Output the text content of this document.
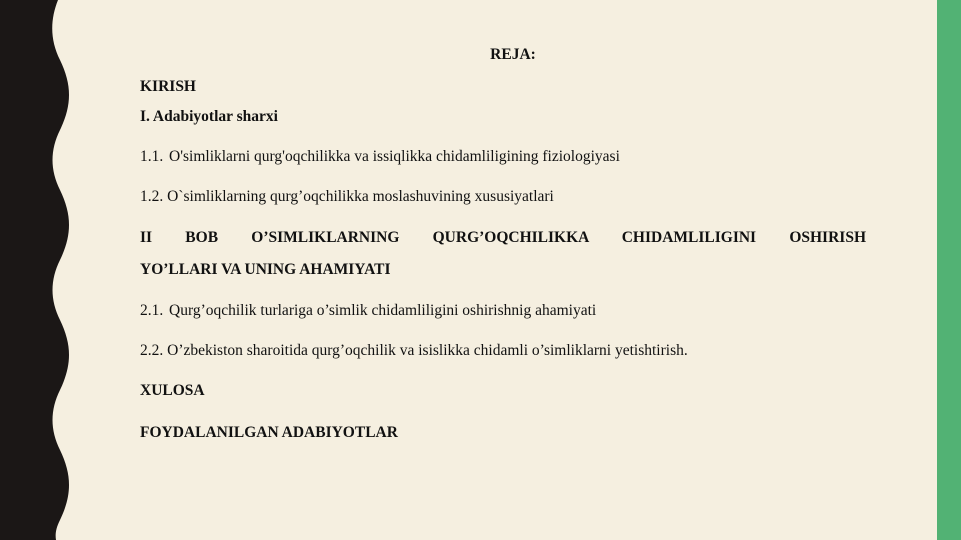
REJA:
KIRISH
I. Adabiyotlar sharxi
1.1. O'simliklarni qurg'oqchilikka va issiqlikka chidamliligining fiziologiyasi
1.2. O`simliklarning qurg’oqchilikka moslashuvining xususiyatlari
II BOB O’SIMLIKLARNING QURG’OQCHILIKKA CHIDAMLILIGINI OSHIRISH
YO’LLARI VA UNING AHAMIYATI
2.1. Qurg’oqchilik turlariga o’simlik chidamliligini oshirishnig ahamiyati
2.2. O’zbekiston sharoitida qurg’oqchilik va isislikka chidamli o’simliklarni yetishtirish.
XULOSA
FOYDALANILGAN ADABIYOTLAR
